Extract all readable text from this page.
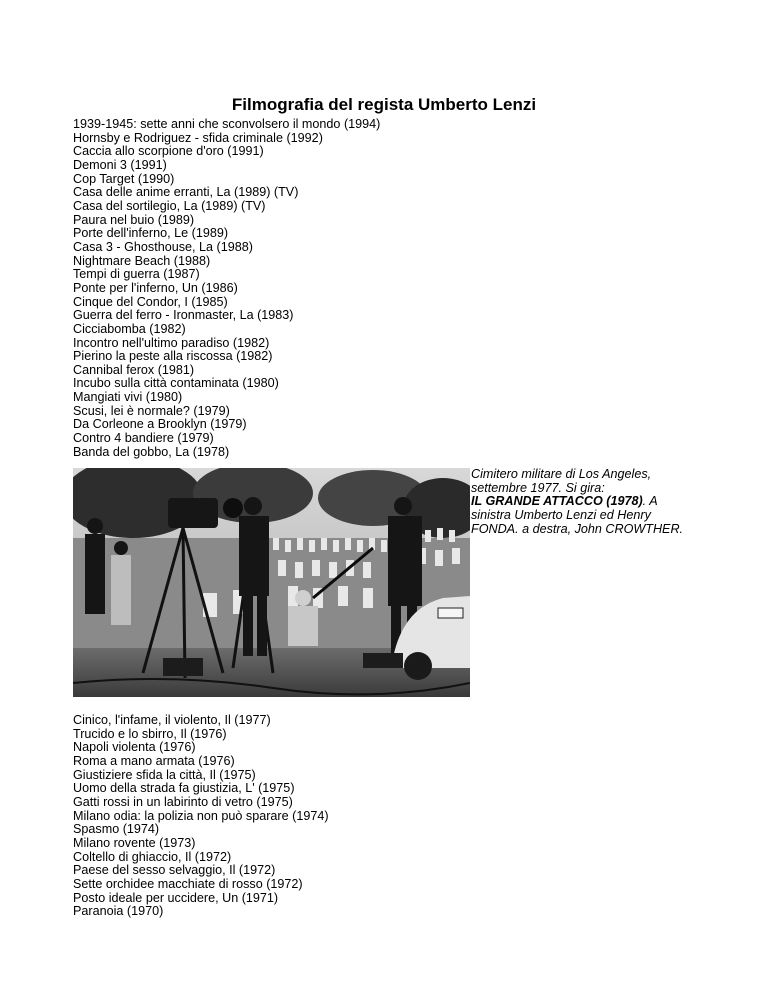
Filmografia del regista Umberto Lenzi
1939-1945: sette anni che sconvolsero il mondo (1994)
Hornsby e Rodriguez - sfida criminale (1992)
Caccia allo scorpione d'oro (1991)
Demoni 3 (1991)
Cop Target (1990)
Casa delle anime erranti, La (1989) (TV)
Casa del sortilegio, La (1989) (TV)
Paura nel buio (1989)
Porte dell'inferno, Le (1989)
Casa 3 - Ghosthouse, La (1988)
Nightmare Beach (1988)
Tempi di guerra (1987)
Ponte per l'inferno, Un (1986)
Cinque del Condor, I (1985)
Guerra del ferro - Ironmaster, La (1983)
Cicciabomba (1982)
Incontro nell'ultimo paradiso (1982)
Pierino la peste alla riscossa (1982)
Cannibal ferox (1981)
Incubo sulla città contaminata (1980)
Mangiati vivi (1980)
Scusi, lei è normale? (1979)
Da Corleone a Brooklyn (1979)
Contro 4 bandiere (1979)
Banda del gobbo, La (1978)
Cimitero militare di Los Angeles,
settembre 1977. Si gira:
IL GRANDE ATTACCO (1978). A
sinistra Umberto Lenzi ed Henry
FONDA. a destra, John CROWTHER.
Cinico, l'infame, il violento, Il (1977)
Trucido e lo sbirro, Il (1976)
Napoli violenta (1976)
Roma a mano armata (1976)
Giustiziere sfida la città, Il (1975)
Uomo della strada fa giustizia, L' (1975)
Gatti rossi in un labirinto di vetro (1975)
Milano odia: la polizia non può sparare (1974)
Spasmo (1974)
Milano rovente (1973)
Coltello di ghiaccio, Il (1972)
Paese del sesso selvaggio, Il (1972)
Sette orchidee macchiate di rosso (1972)
Posto ideale per uccidere, Un (1971)
Paranoia (1970)
